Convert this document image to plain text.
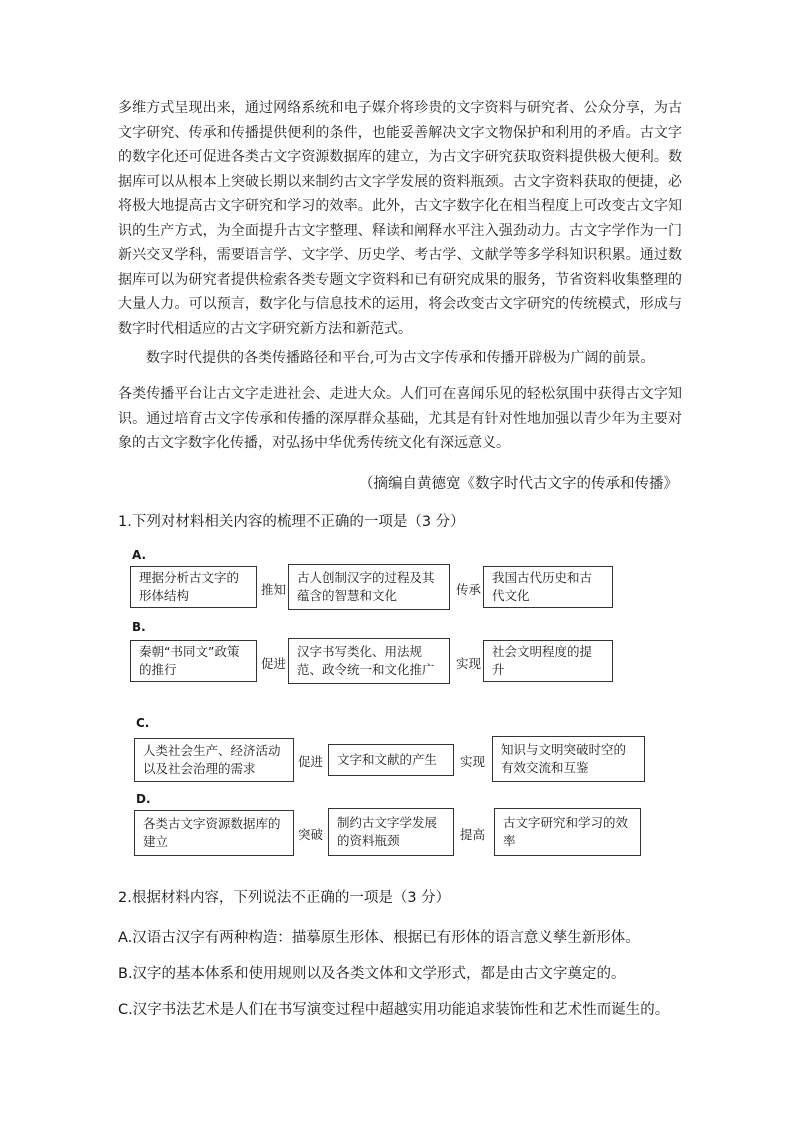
多维方式呈现出来，通过网络系统和电子媒介将珍贵的文字资料与研究者、公众分享，为古文字研究、传承和传播提供便利的条件，也能妥善解决文字文物保护和利用的矛盾。古文字的数字化还可促进各类古文字资源数据库的建立，为古文字研究获取资料提供极大便利。数据库可以从根本上突破长期以来制约古文字学发展的资料瓶颈。古文字资料获取的便捷，必将极大地提高古文字研究和学习的效率。此外，古文字数字化在相当程度上可改变古文字知识的生产方式，为全面提升古文字整理、释读和阐释水平注入强劲动力。古文字学作为一门新兴交叉学科，需要语言学、文字学、历史学、考古学、文献学等多学科知识积累。通过数据库可以为研究者提供检索各类专题文字资料和已有研究成果的服务，节省资料收集整理的大量人力。可以预言，数字化与信息技术的运用，将会改变古文字研究的传统模式，形成与数字时代相适应的古文字研究新方法和新范式。

数字时代提供的各类传播路径和平台,可为古文字传承和传播开辟极为广阔的前景。

各类传播平台让古文字走进社会、走进大众。人们可在喜闻乐见的轻松氛围中获得古文字知识。通过培育古文字传承和传播的深厚群众基础，尤其是有针对性地加强以青少年为主要对象的古文字数字化传播，对弘扬中华优秀传统文化有深远意义。

（摘编自黄德宽《数字时代古文字的传承和传播》

1.下列对材料相关内容的梳理不正确的一项是（3 分）

A.

理据分析古文字的形体结构	推知

古人创制汉字的过程及其蕴含的智慧和文化	传承

我国古代历史和古代文化

B.

秦朝“书同文”政策的推行	促进

汉字书写类化、用法规范、政令统一和文化推广	实现

社会文明程度的提升

C.

人类社会生产、经济活动以及社会治理的需求	促进	文字和文献的产生	实现

知识与文明突破时空的有效交流和互鉴

D.

各类古文字资源数据库的建立	突破

制约古文字学发展的资料瓶颈	提高

古文字研究和学习的效率

2.根据材料内容，下列说法不正确的一项是（3 分）

A.汉语古汉字有两种构造：描摹原生形体、根据已有形体的语言意义孳生新形体。

B.汉字的基本体系和使用规则以及各类文体和文学形式，都是由古文字奠定的。

C.汉字书法艺术是人们在书写演变过程中超越实用功能追求装饰性和艺术性而诞生的。
